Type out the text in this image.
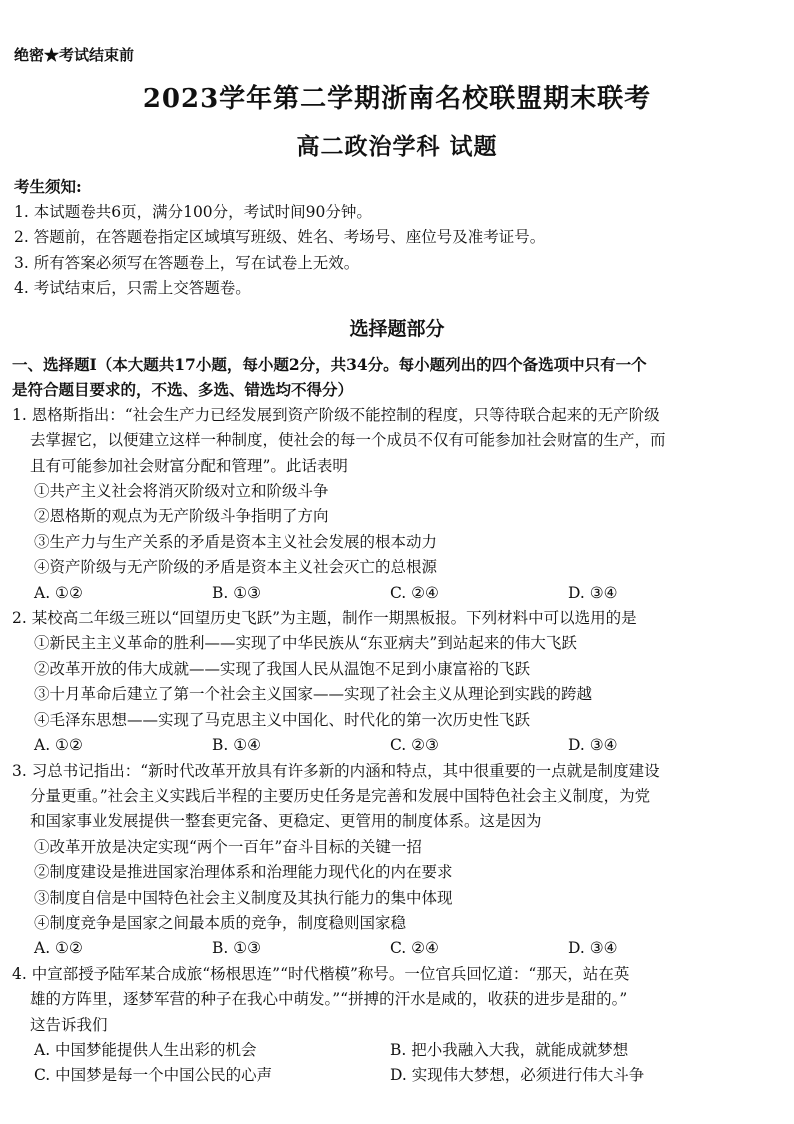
绝密★考试结束前
2023学年第二学期浙南名校联盟期末联考
高二政治学科 试题
考生须知:
1. 本试题卷共6页，满分100分，考试时间90分钟。
2. 答题前，在答题卷指定区域填写班级、姓名、考场号、座位号及准考证号。
3. 所有答案必须写在答题卷上，写在试卷上无效。
4. 考试结束后，只需上交答题卷。
选择题部分
一、选择题Ⅰ（本大题共17小题，每小题2分，共34分。每小题列出的四个备选项中只有一个
是符合题目要求的，不选、多选、错选均不得分）
1. 恩格斯指出：“社会生产力已经发展到资产阶级不能控制的程度，只等待联合起来的无产阶级
去掌握它，以便建立这样一种制度，使社会的每一个成员不仅有可能参加社会财富的生产，而
且有可能参加社会财富分配和管理”。此话表明
①共产主义社会将消灭阶级对立和阶级斗争
②恩格斯的观点为无产阶级斗争指明了方向
③生产力与生产关系的矛盾是资本主义社会发展的根本动力
④资产阶级与无产阶级的矛盾是资本主义社会灭亡的总根源
A. ①②	B. ①③	C. ②④	D. ③④
2. 某校高二年级三班以“回望历史飞跃”为主题，制作一期黑板报。下列材料中可以选用的是
①新民主主义革命的胜利——实现了中华民族从“东亚病夫”到站起来的伟大飞跃
②改革开放的伟大成就——实现了我国人民从温饱不足到小康富裕的飞跃
③十月革命后建立了第一个社会主义国家——实现了社会主义从理论到实践的跨越
④毛泽东思想——实现了马克思主义中国化、时代化的第一次历史性飞跃
A. ①②	B. ①④	C. ②③	D. ③④
3. 习总书记指出：“新时代改革开放具有许多新的内涵和特点，其中很重要的一点就是制度建设
分量更重。”社会主义实践后半程的主要历史任务是完善和发展中国特色社会主义制度，为党
和国家事业发展提供一整套更完备、更稳定、更管用的制度体系。这是因为
①改革开放是决定实现“两个一百年”奋斗目标的关键一招
②制度建设是推进国家治理体系和治理能力现代化的内在要求
③制度自信是中国特色社会主义制度及其执行能力的集中体现
④制度竞争是国家之间最本质的竞争，制度稳则国家稳
A. ①②	B. ①③	C. ②④	D. ③④
4. 中宣部授予陆军某合成旅“杨根思连”“时代楷模”称号。一位官兵回忆道：“那天，站在英
雄的方阵里，逐梦军营的种子在我心中萌发。”“拼搏的汗水是咸的，收获的进步是甜的。”
这告诉我们
A. 中国梦能提供人生出彩的机会	B. 把小我融入大我，就能成就梦想
C. 中国梦是每一个中国公民的心声	D. 实现伟大梦想，必须进行伟大斗争
